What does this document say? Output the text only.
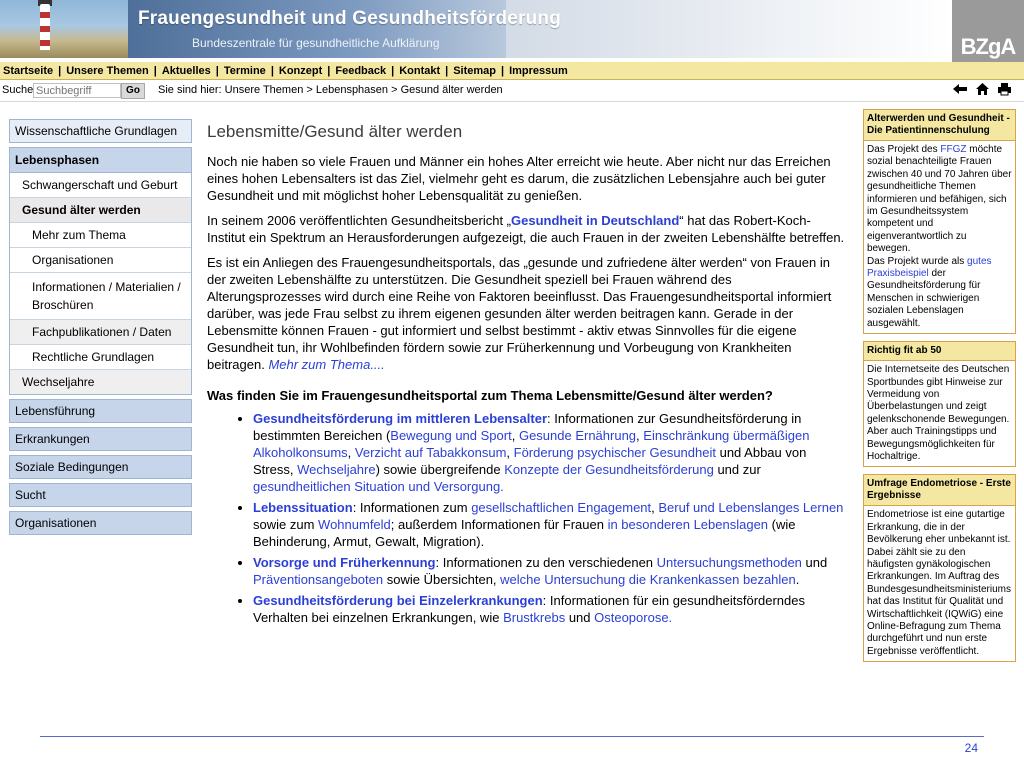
Frauengesundheit und Gesundheitsförderung
Bundeszentrale für gesundheitliche Aufklärung	BZgA
Startseite | Unsere Themen | Aktuelles | Termine | Konzept | Feedback | Kontakt | Sitemap | Impressum
Suche
Suchbegriff	Go	Sie sind hier: Unsere Themen > Lebensphasen > Gesund älter werden
Wissenschaftliche Grundlagen
Lebensphasen
Schwangerschaft und Geburt
Gesund älter werden
Mehr zum Thema
Organisationen
Informationen / Materialien / Broschüren
Fachpublikationen / Daten
Rechtliche Grundlagen
Wechseljahre
Lebensführung
Erkrankungen
Soziale Bedingungen
Sucht
Organisationen
Lebensmitte/Gesund älter werden

Noch nie haben so viele Frauen und Männer ein hohes Alter erreicht wie heute. Aber nicht nur das Erreichen eines hohen Lebensalters ist das Ziel, vielmehr geht es darum, die zusätzlichen Lebensjahre auch bei guter Gesundheit und mit möglichst hoher Lebensqualität zu genießen.

In seinem 2006 veröffentlichten Gesundheitsbericht „Gesundheit in Deutschland“ hat das Robert-Koch-Institut ein Spektrum an Herausforderungen aufgezeigt, die auch Frauen in der zweiten Lebenshälfte betreffen.

Es ist ein Anliegen des Frauengesundheitsportals, das „gesunde und zufriedene älter werden“ von Frauen in der zweiten Lebenshälfte zu unterstützen. Die Gesundheit speziell bei Frauen während des Alterungsprozesses wird durch eine Reihe von Faktoren beeinflusst. Das Frauengesundheitsportal informiert darüber, was jede Frau selbst zu ihrem eigenen gesunden älter werden beitragen kann. Gerade in der Lebensmitte können Frauen - gut informiert und selbst bestimmt - aktiv etwas Sinnvolles für die eigene Gesundheit tun, ihr Wohlbefinden fördern sowie zur Früherkennung und Vorbeugung von Krankheiten beitragen. Mehr zum Thema....

Was finden Sie im Frauengesundheitsportal zum Thema Lebensmitte/Gesund älter werden?
• Gesundheitsförderung im mittleren Lebensalter: Informationen zur Gesundheitsförderung in bestimmten Bereichen (Bewegung und Sport, Gesunde Ernährung, Einschränkung übermäßigen Alkoholkonsums, Verzicht auf Tabakkonsum, Förderung psychischer Gesundheit und Abbau von Stress, Wechseljahre) sowie übergreifende Konzepte der Gesundheitsförderung und zur gesundheitlichen Situation und Versorgung.
• Lebenssituation: Informationen zum gesellschaftlichen Engagement, Beruf und Lebenslanges Lernen sowie zum Wohnumfeld; außerdem Informationen für Frauen in besonderen Lebenslagen (wie Behinderung, Armut, Gewalt, Migration).
• Vorsorge und Früherkennung: Informationen zu den verschiedenen Untersuchungsmethoden und Präventionsangeboten sowie Übersichten, welche Untersuchung die Krankenkassen bezahlen.
• Gesundheitsförderung bei Einzelerkrankungen: Informationen für ein gesundheitsförderndes Verhalten bei einzelnen Erkrankungen, wie Brustkrebs und Osteoporose.
Alterwerden und Gesundheit - Die Patientinnenschulung
Das Projekt des FFGZ möchte sozial benachteiligte Frauen zwischen 40 und 70 Jahren über gesundheitliche Themen informieren und befähigen, sich im Gesundheitssystem kompetent und eigenverantwortlich zu bewegen.
Das Projekt wurde als gutes Praxisbeispiel der Gesundheitsförderung für Menschen in schwierigen sozialen Lebenslagen ausgewählt.
Richtig fit ab 50
Die Internetseite des Deutschen Sportbundes gibt Hinweise zur Vermeidung von Überbelastungen und zeigt gelenkschonende Bewegungen. Aber auch Trainingstipps und Bewegungsmöglichkeiten für Hochaltrige.
Umfrage Endometriose - Erste Ergebnisse
Endometriose ist eine gutartige Erkrankung, die in der Bevölkerung eher unbekannt ist. Dabei zählt sie zu den häufigsten gynäkologischen Erkrankungen. Im Auftrag des Bundesgesundheitsministeriums hat das Institut für Qualität und Wirtschaftlichkeit (IQWiG) eine Online-Befragung zum Thema durchgeführt und nun erste Ergebnisse veröffentlicht.
24
